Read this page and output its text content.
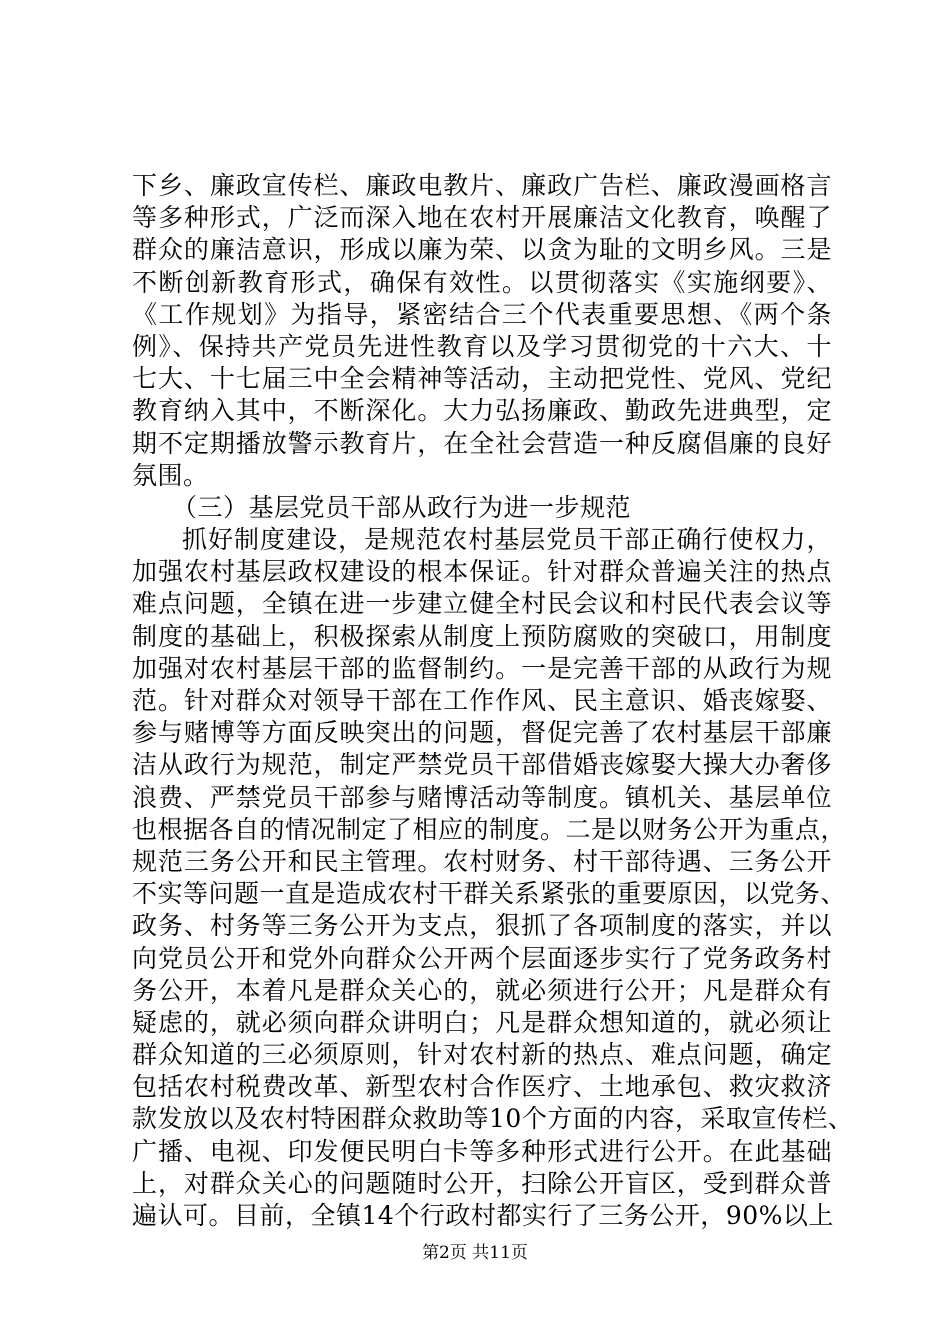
下乡、廉政宣传栏、廉政电教片、廉政广告栏、廉政漫画格言
等多种形式，广泛而深入地在农村开展廉洁文化教育，唤醒了
群众的廉洁意识，形成以廉为荣、以贪为耻的文明乡风。三是
不断创新教育形式，确保有效性。以贯彻落实《实施纲要》、
《工作规划》为指导，紧密结合三个代表重要思想、《两个条
例》、保持共产党员先进性教育以及学习贯彻党的十六大、十
七大、十七届三中全会精神等活动，主动把党性、党风、党纪
教育纳入其中，不断深化。大力弘扬廉政、勤政先进典型，定
期不定期播放警示教育片，在全社会营造一种反腐倡廉的良好
氛围。
（三）基层党员干部从政行为进一步规范
抓好制度建设，是规范农村基层党员干部正确行使权力，
加强农村基层政权建设的根本保证。针对群众普遍关注的热点
难点问题，全镇在进一步建立健全村民会议和村民代表会议等
制度的基础上，积极探索从制度上预防腐败的突破口，用制度
加强对农村基层干部的监督制约。一是完善干部的从政行为规
范。针对群众对领导干部在工作作风、民主意识、婚丧嫁娶、
参与赌博等方面反映突出的问题，督促完善了农村基层干部廉
洁从政行为规范，制定严禁党员干部借婚丧嫁娶大操大办奢侈
浪费、严禁党员干部参与赌博活动等制度。镇机关、基层单位
也根据各自的情况制定了相应的制度。二是以财务公开为重点，
规范三务公开和民主管理。农村财务、村干部待遇、三务公开
不实等问题一直是造成农村干群关系紧张的重要原因，以党务、
政务、村务等三务公开为支点，狠抓了各项制度的落实，并以
向党员公开和党外向群众公开两个层面逐步实行了党务政务村
务公开，本着凡是群众关心的，就必须进行公开；凡是群众有
疑虑的，就必须向群众讲明白；凡是群众想知道的，就必须让
群众知道的三必须原则，针对农村新的热点、难点问题，确定
包括农村税费改革、新型农村合作医疗、土地承包、救灾救济
款发放以及农村特困群众救助等10个方面的内容，采取宣传栏、
广播、电视、印发便民明白卡等多种形式进行公开。在此基础
上，对群众关心的问题随时公开，扫除公开盲区，受到群众普
遍认可。目前，全镇14个行政村都实行了三务公开，90%以上
第2页 共11页
